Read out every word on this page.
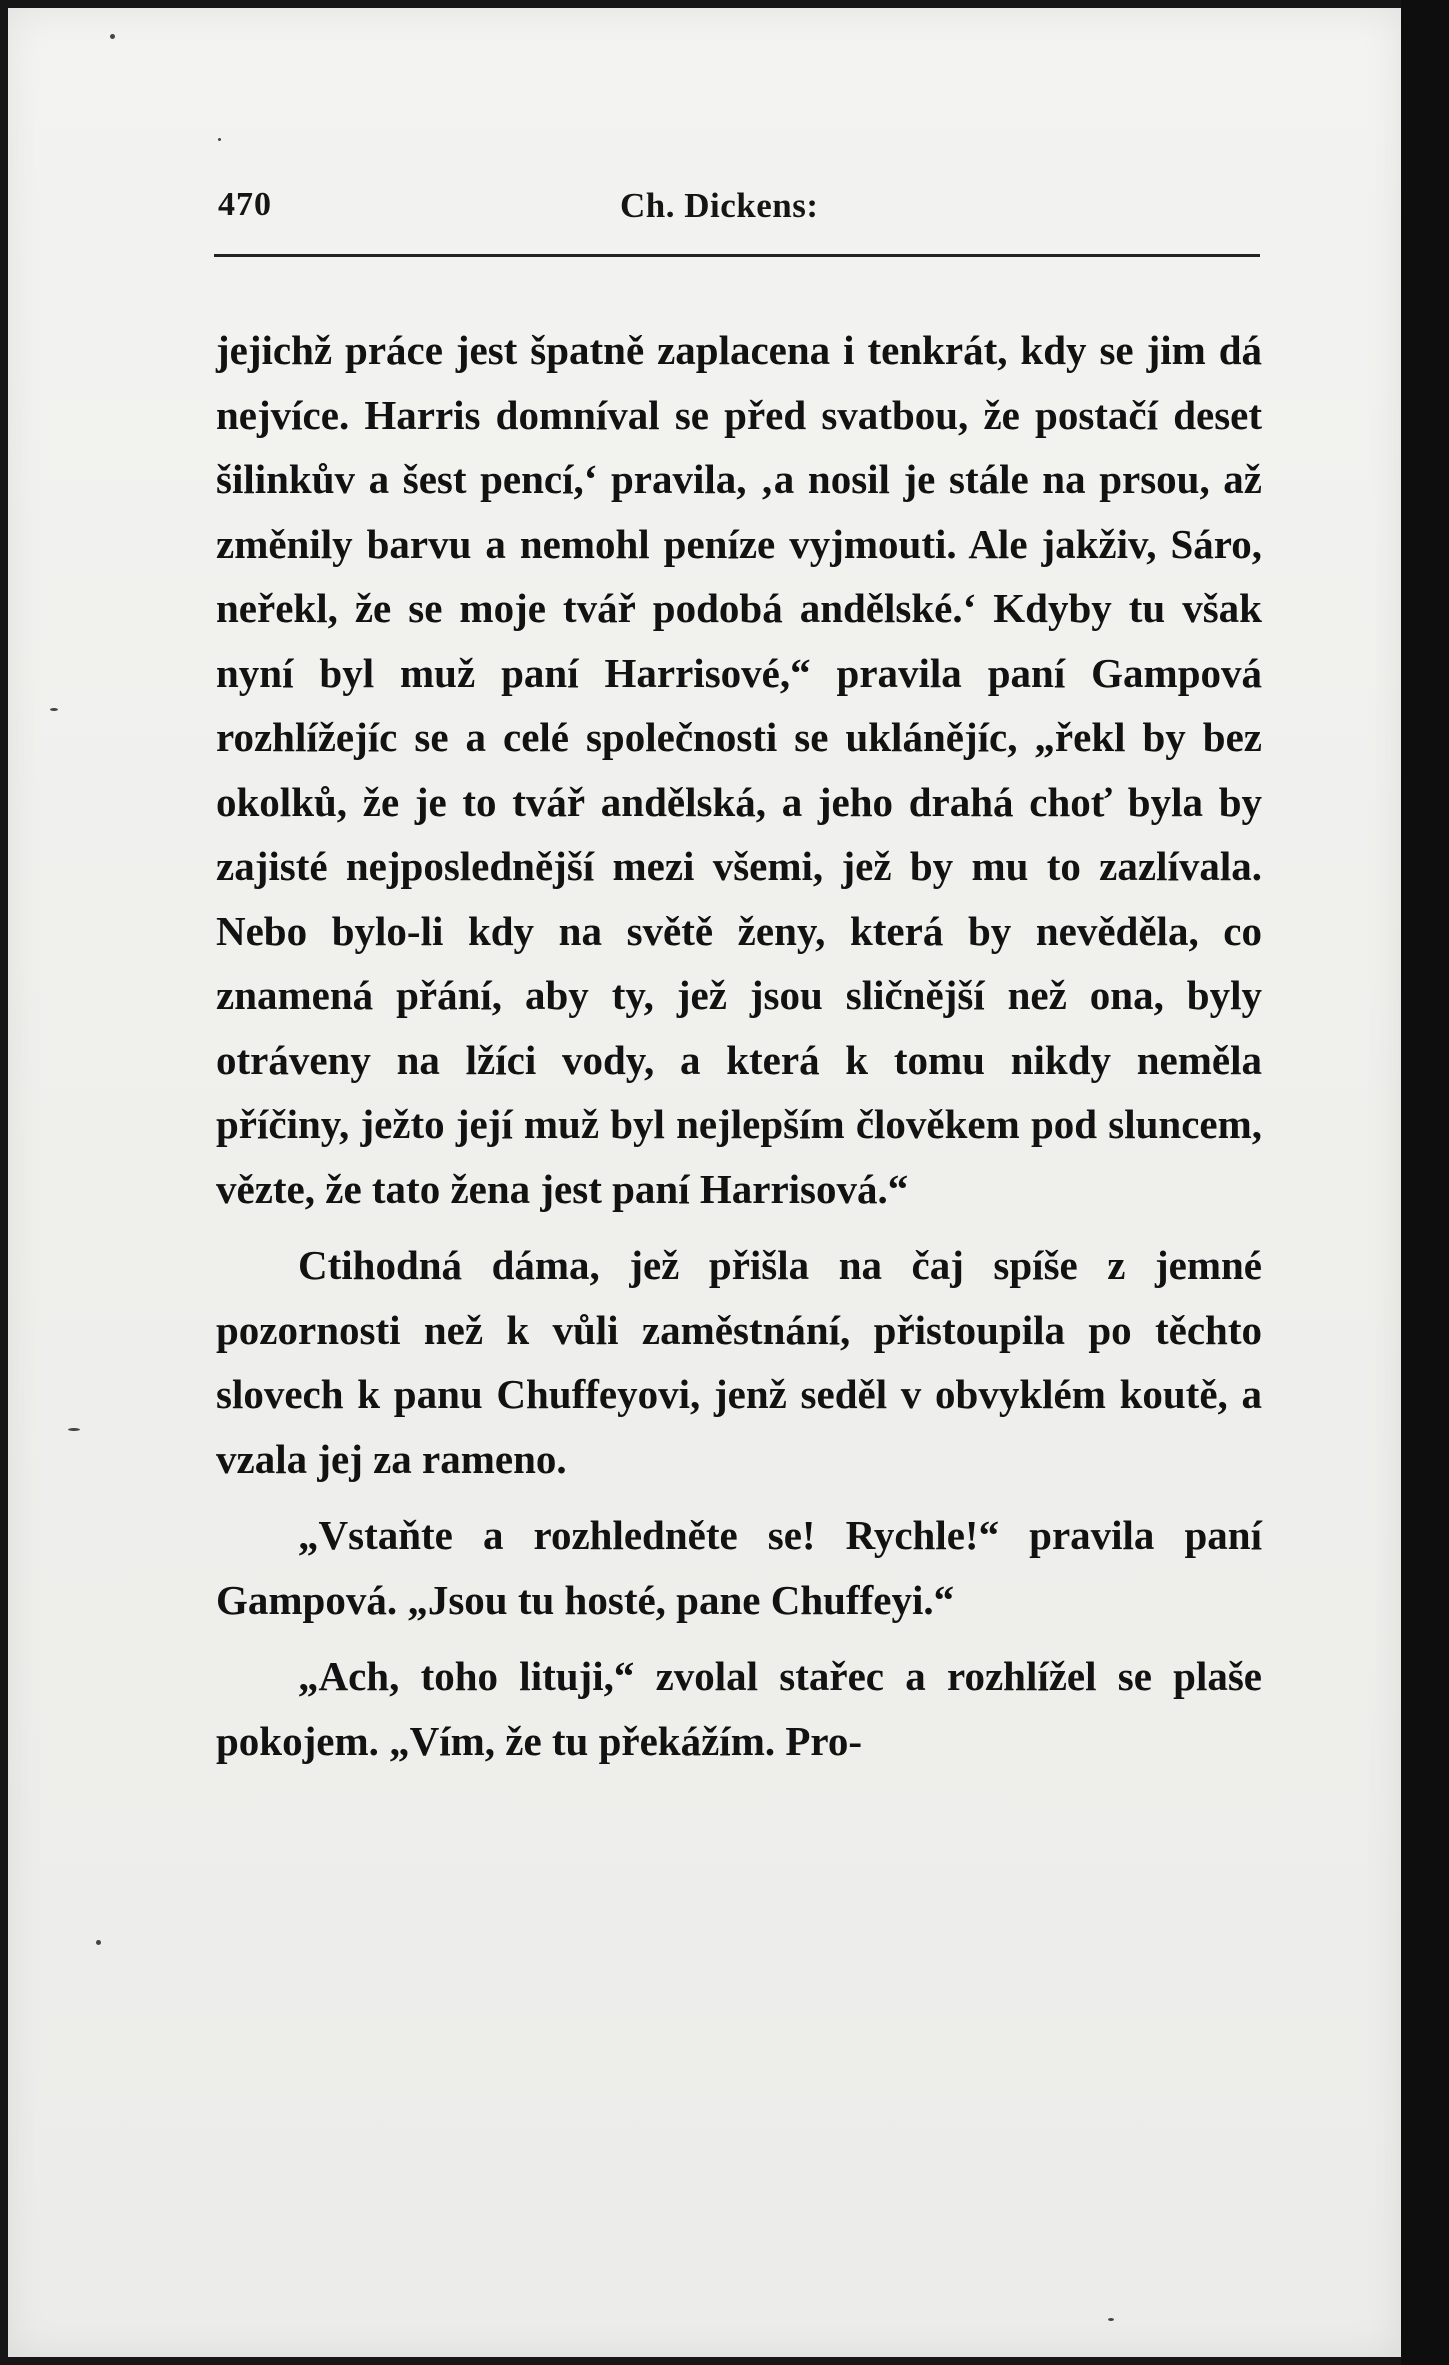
470	Ch. Dickens:

jejichž práce jest špatně zaplacena i tenkrát, kdy se jim dá nejvíce. Harris domníval se před svatbou, že postačí deset šilinkův a šest pencí,‘ pravila, ‚a nosil je stále na prsou, až změnily barvu a nemohl peníze vyjmouti. Ale jakživ, Sáro, neřekl, že se moje tvář podobá andělské.‘ Kdyby tu však nyní byl muž paní Harrisové,“ pravila paní Gampová rozhlížejíc se a celé společnosti se uklánějíc, „řekl by bez okolků, že je to tvář andělská, a jeho drahá choť byla by zajisté nejposlednější mezi všemi, jež by mu to zazlívala. Nebo bylo-li kdy na světě ženy, která by nevěděla, co znamená přání, aby ty, jež jsou sličnější než ona, byly otráveny na lžíci vody, a která k tomu nikdy neměla příčiny, ježto její muž byl nejlepším člověkem pod sluncem, vězte, že tato žena jest paní Harrisová.“

Ctihodná dáma, jež přišla na čaj spíše z jemné pozornosti než k vůli zaměstnání, přistoupila po těchto slovech k panu Chuffeyovi, jenž seděl v obvyklém koutě, a vzala jej za rameno.

„Vstaňte a rozhledněte se! Rychle!“ pravila paní Gampová. „Jsou tu hosté, pane Chuffeyi.“

„Ach, toho lituji,“ zvolal stařec a rozhlížel se plaše pokojem. „Vím, že tu překážím. Pro-
